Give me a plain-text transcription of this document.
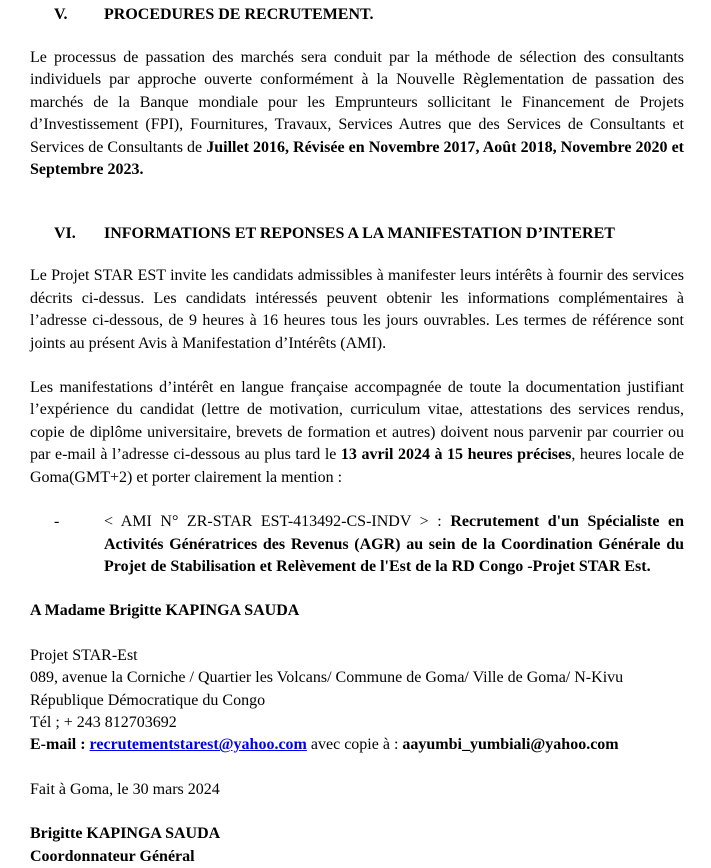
V.	PROCEDURES DE RECRUTEMENT.

Le processus de passation des marchés sera conduit par la méthode de sélection des consultants individuels par approche ouverte conformément à la Nouvelle Règlementation de passation des marchés de la Banque mondiale pour les Emprunteurs sollicitant le Financement de Projets d’Investissement (FPI), Fournitures, Travaux, Services Autres que des Services de Consultants et Services de Consultants de Juillet 2016, Révisée en Novembre 2017, Août 2018, Novembre 2020 et Septembre 2023.

VI.	INFORMATIONS ET REPONSES A LA MANIFESTATION D’INTERET

Le Projet STAR EST invite les candidats admissibles à manifester leurs intérêts à fournir des services décrits ci-dessus. Les candidats intéressés peuvent obtenir les informations complémentaires à l’adresse ci-dessous, de 9 heures à 16 heures tous les jours ouvrables. Les termes de référence sont joints au présent Avis à Manifestation d’Intérêts (AMI).

Les manifestations d’intérêt en langue française accompagnée de toute la documentation justifiant l’expérience du candidat (lettre de motivation, curriculum vitae, attestations des services rendus, copie de diplôme universitaire, brevets de formation et autres) doivent nous parvenir par courrier ou par e-mail à l’adresse ci-dessous au plus tard le 13 avril 2024 à 15 heures précises, heures locale de Goma(GMT+2) et porter clairement la mention :

-	< AMI N° ZR-STAR EST-413492-CS-INDV > : Recrutement d'un Spécialiste en Activités Génératrices des Revenus (AGR) au sein de la Coordination Générale du Projet de Stabilisation et Relèvement de l'Est de la RD Congo -Projet STAR Est.

A Madame Brigitte KAPINGA SAUDA

Projet STAR-Est
089, avenue la Corniche / Quartier les Volcans/ Commune de Goma/ Ville de Goma/ N-Kivu
République Démocratique du Congo
Tél ; + 243 812703692
E-mail : recrutementstarest@yahoo.com avec copie à : aayumbi_yumbiali@yahoo.com

Fait à Goma, le 30 mars 2024

Brigitte KAPINGA SAUDA
Coordonnateur Général
